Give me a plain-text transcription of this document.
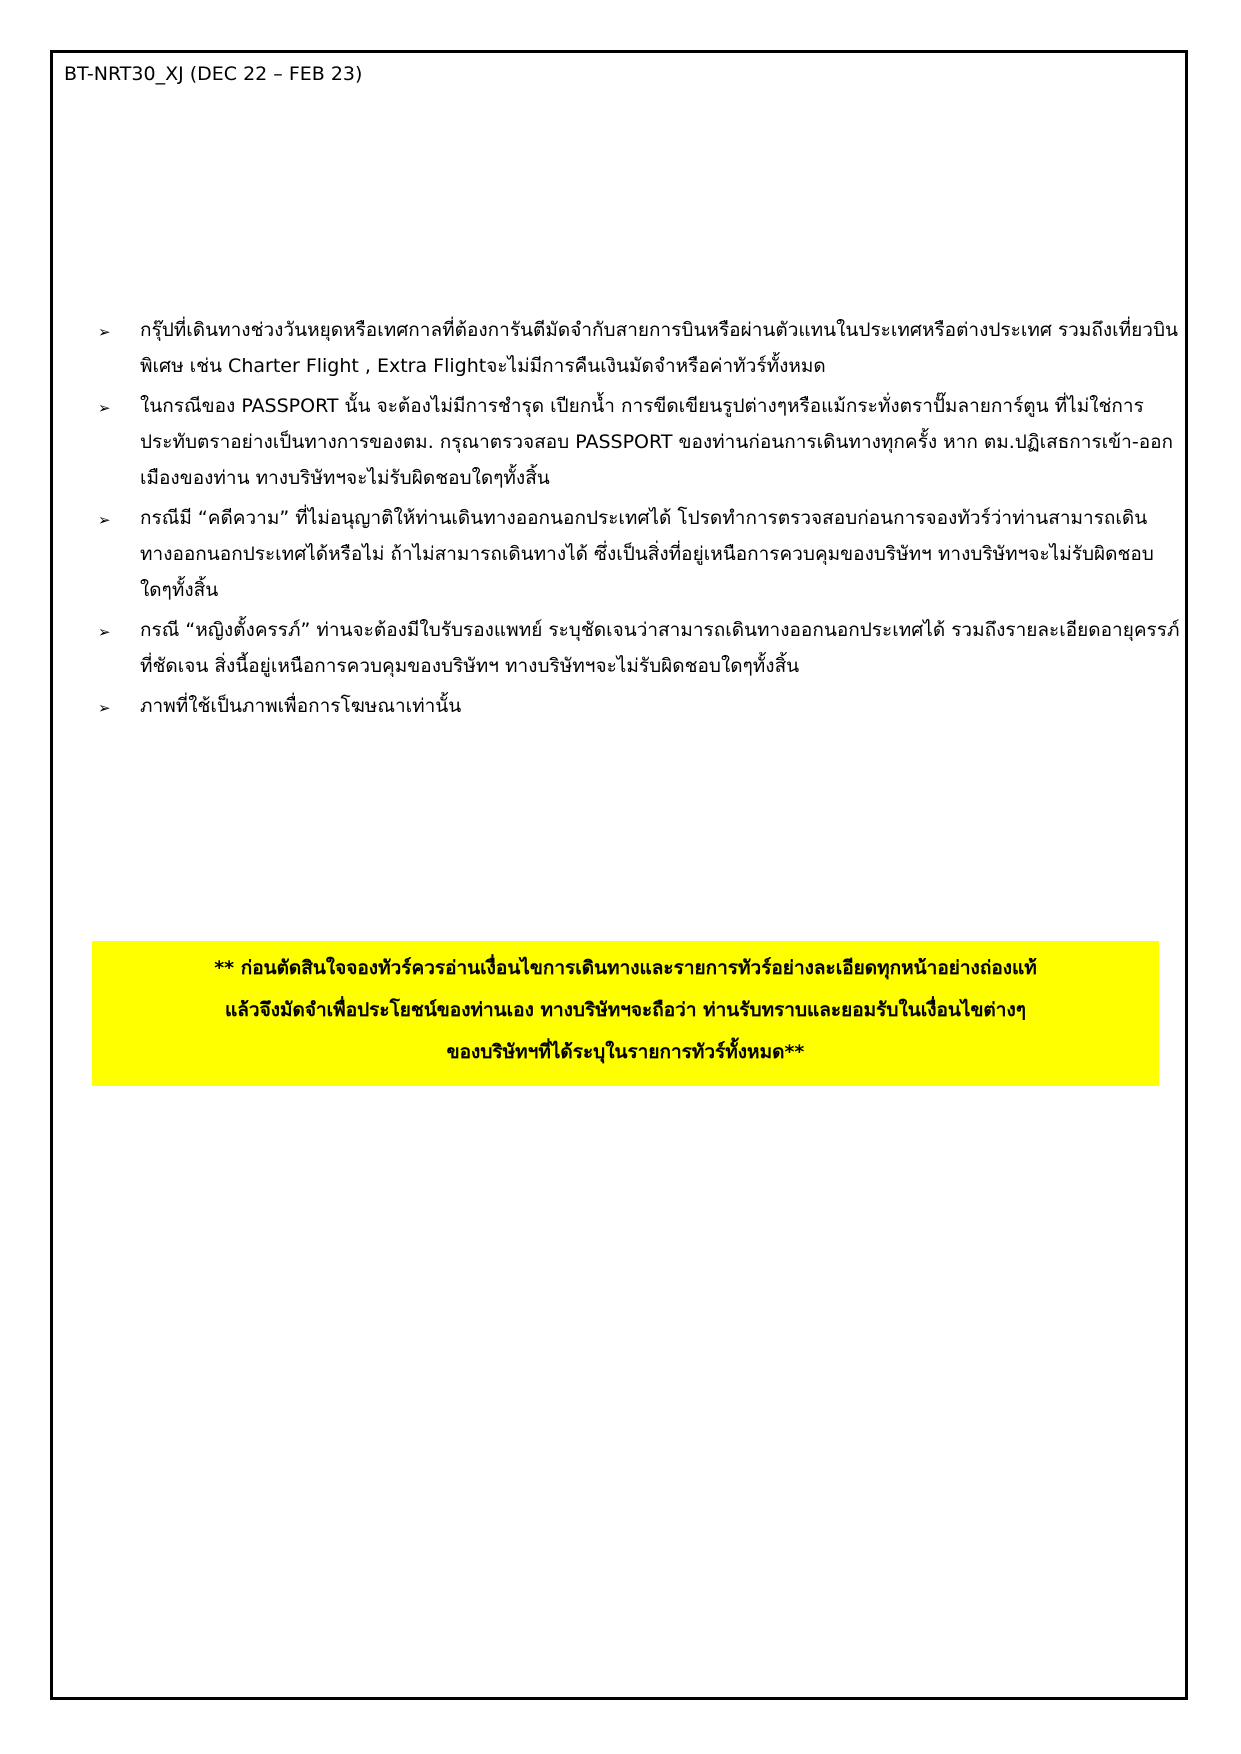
BT-NRT30_XJ (DEC 22 – FEB 23)
➢	กรุ๊ปที่เดินทางช่วงวันหยุดหรือเทศกาลที่ต้องการันตีมัดจำกับสายการบินหรือผ่านตัวแทนในประเทศหรือต่างประเทศ รวมถึงเที่ยวบินพิเศษ เช่น Charter Flight , Extra Flightจะไม่มีการคืนเงินมัดจำหรือค่าทัวร์ทั้งหมด
➢	ในกรณีของ PASSPORT นั้น จะต้องไม่มีการชำรุด เปียกน้ำ การขีดเขียนรูปต่างๆหรือแม้กระทั่งตราปั๊มลายการ์ตูน ที่ไม่ใช่การประทับตราอย่างเป็นทางการของตม. กรุณาตรวจสอบ PASSPORT ของท่านก่อนการเดินทางทุกครั้ง หาก ตม.ปฏิเสธการเข้า-ออกเมืองของท่าน ทางบริษัทฯจะไม่รับผิดชอบใดๆทั้งสิ้น
➢	กรณีมี “คดีความ” ที่ไม่อนุญาติให้ท่านเดินทางออกนอกประเทศได้ โปรดทำการตรวจสอบก่อนการจองทัวร์ว่าท่านสามารถเดินทางออกนอกประเทศได้หรือไม่ ถ้าไม่สามารถเดินทางได้ ซึ่งเป็นสิ่งที่อยู่เหนือการควบคุมของบริษัทฯ ทางบริษัทฯจะไม่รับผิดชอบใดๆทั้งสิ้น
➢	กรณี “หญิงตั้งครรภ์” ท่านจะต้องมีใบรับรองแพทย์ ระบุชัดเจนว่าสามารถเดินทางออกนอกประเทศได้ รวมถึงรายละเอียดอายุครรภ์ที่ชัดเจน สิ่งนี้อยู่เหนือการควบคุมของบริษัทฯ ทางบริษัทฯจะไม่รับผิดชอบใดๆทั้งสิ้น
➢	ภาพที่ใช้เป็นภาพเพื่อการโฆษณาเท่านั้น
** ก่อนตัดสินใจจองทัวร์ควรอ่านเงื่อนไขการเดินทางและรายการทัวร์อย่างละเอียดทุกหน้าอย่างถ่องแท้
แล้วจึงมัดจำเพื่อประโยชน์ของท่านเอง ทางบริษัทฯจะถือว่า ท่านรับทราบและยอมรับในเงื่อนไขต่างๆ
ของบริษัทฯที่ได้ระบุในรายการทัวร์ทั้งหมด**
